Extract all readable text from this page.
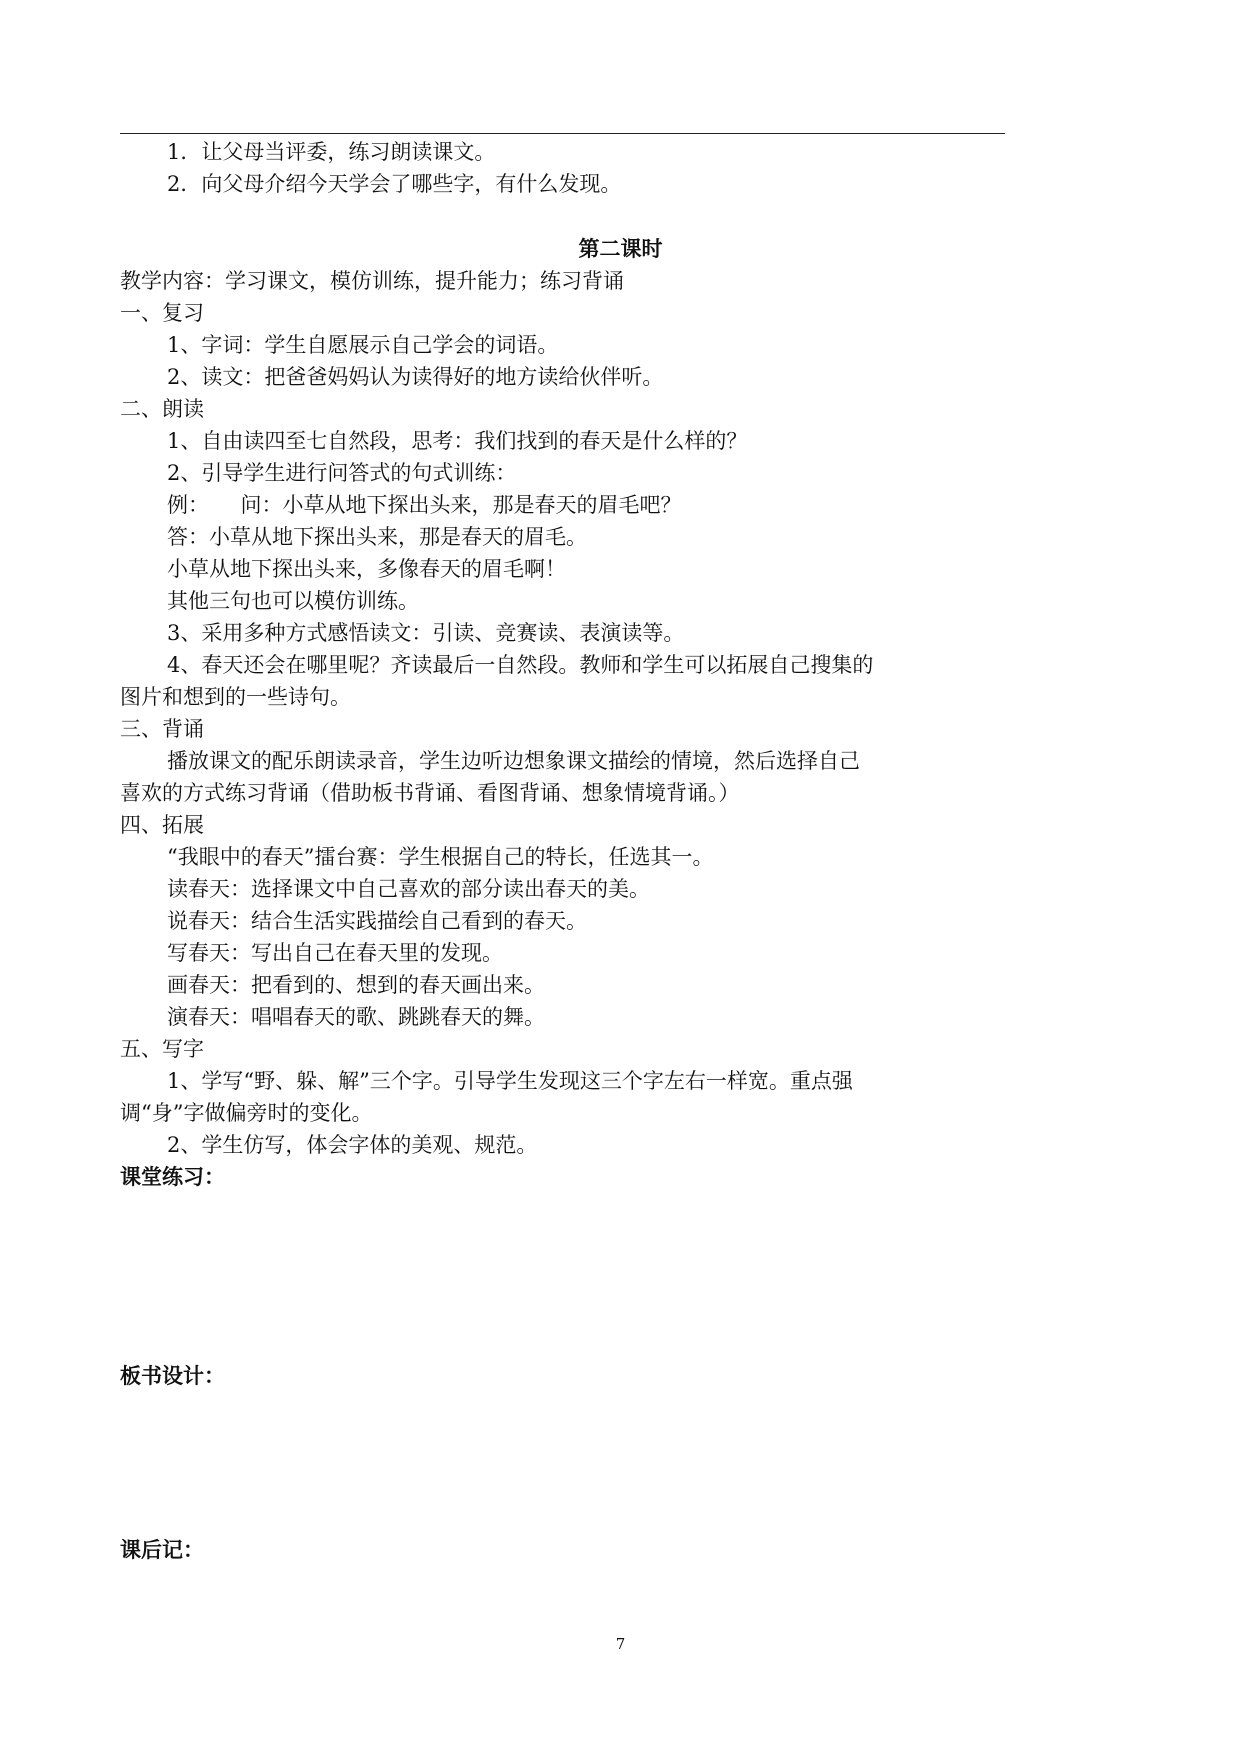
1．让父母当评委，练习朗读课文。
2．向父母介绍今天学会了哪些字，有什么发现。
第二课时
教学内容：学习课文，模仿训练，提升能力；练习背诵
一、复习
1、字词：学生自愿展示自己学会的词语。
2、读文：把爸爸妈妈认为读得好的地方读给伙伴听。
二、朗读
1、自由读四至七自然段，思考：我们找到的春天是什么样的？
2、引导学生进行问答式的句式训练：
例：　　问：小草从地下探出头来，那是春天的眉毛吧？
答：小草从地下探出头来，那是春天的眉毛。
小草从地下探出头来，多像春天的眉毛啊！
其他三句也可以模仿训练。
3、采用多种方式感悟读文：引读、竞赛读、表演读等。
4、春天还会在哪里呢？齐读最后一自然段。教师和学生可以拓展自己搜集的
图片和想到的一些诗句。
三、背诵
播放课文的配乐朗读录音，学生边听边想象课文描绘的情境，然后选择自己
喜欢的方式练习背诵（借助板书背诵、看图背诵、想象情境背诵。）
四、拓展
“我眼中的春天”擂台赛：学生根据自己的特长，任选其一。
读春天：选择课文中自己喜欢的部分读出春天的美。
说春天：结合生活实践描绘自己看到的春天。
写春天：写出自己在春天里的发现。
画春天：把看到的、想到的春天画出来。
演春天：唱唱春天的歌、跳跳春天的舞。
五、写字
1、学写“野、躲、解”三个字。引导学生发现这三个字左右一样宽。重点强
调“身”字做偏旁时的变化。
2、学生仿写，体会字体的美观、规范。
课堂练习：
板书设计：
课后记：
7
